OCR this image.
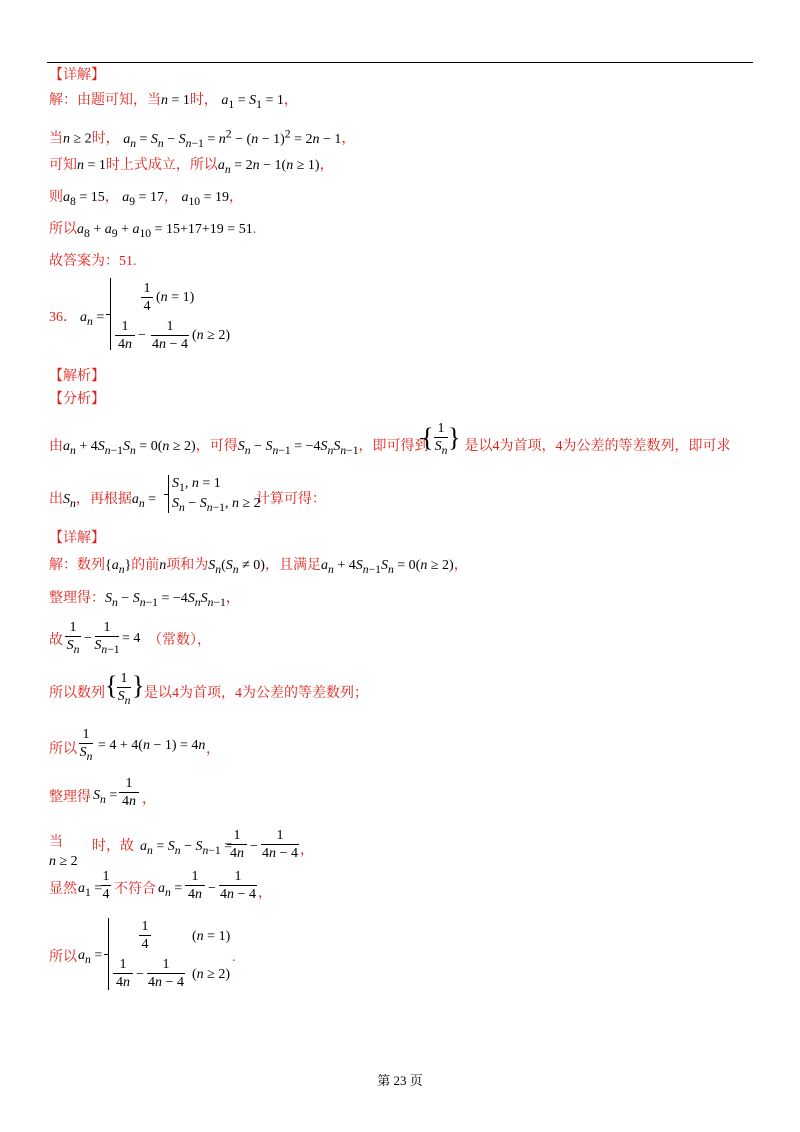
【详解】
解：由题可知，当n = 1时， $a_1 = S_1 = 1$，
当n ≥ 2时， $a_n = S_n - S_{n-1} = n^2 - (n - 1)^2 = 2n - 1$，
可知n = 1时上式成立，所以$a_n = 2n - 1(n \ge 1)$，
则$a_8 = 15$， $a_9 = 17$， $a_{10} = 19$，
所以$a_8 + a_9 + a_{10} = 15+17+19 = 51$.
故答案为：51.
36． $a_n$ =
1
4
(n = 1)
1
4n
−
1
4n − 4
(n ≥ 2)
【解析】
【分析】
由$a_n + 4S_{n-1}S_n = 0(n \ge 2)$，可得$S_n - S_{n-1} = -4S_nS_{n-1}$，即可得到	是以4为首项，4为公差的等差数列，即可求
{ 1
$S_n$ }
出$S_n$，再根据$a_n$ =	计算可得：
$S_1$, n = 1
$S_n - S_{n-1}$, n ≥ 2
【详解】
解：数列$\{a_n\}$的前n项和为$S_n(S_n \ne 0)$，且满足$a_n + 4S_{n-1}S_n = 0(n \ge 2)$，
整理得：$S_n - S_{n-1} = -4S_nS_{n-1}$，
故
1
$S_n$
−
1
$S_{n-1}$
= 4 （常数），
所以数列 { 1
$S_n$
} 是以4为首项，4为公差的等差数列；
所以
1
$S_n$
= 4 + 4(n − 1) = 4n ，
整理得 $S_n$ =
1
4n ，
当
n ≥ 2
时，故 $a_n = S_n - S_{n-1}$ =
1
4n −
1
4n − 4 ，
显然 $a_1$ =
1
4 不符合 $a_n$ =
1
4n −
1
4n − 4 ，
所以 $a_n$ =
1
4
(n = 1)
1
4n
−
1
4n − 4
(n ≥ 2)
.
第 23 页
